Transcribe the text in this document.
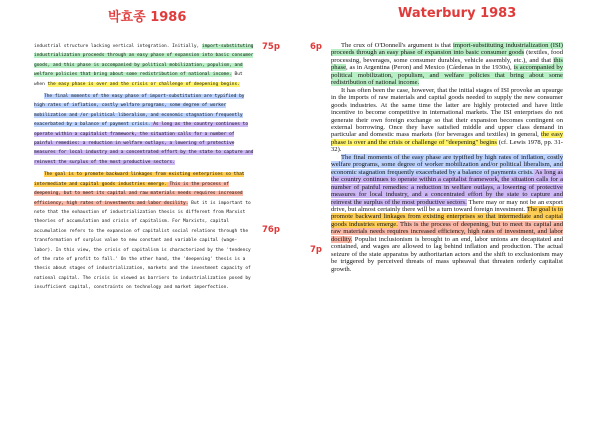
박효종 1986	Waterbury 1983
75p
76p
6p
7p

industrial structure lacking vertical integration. Initially, import-substituting industrialization proceeds through an easy phase of expansion into basic consumer goods, and this phase is accompanied by political mobilization, populism, and welfare policies that bring about some redistribution of national income. But when the easy phase is over and the crisis or challenge of deepening begins.

The final moments of the easy phase of import-substitution are typified by high rates of inflation, costly welfare programs, some degree of worker mobilization and /or political liberalism, and economic stagnation frequently exacerbated by a balance of payment crisis. As long as the country continues to operate within a capitalist framework, the situation calls for a number of painful remedies: a reduction in welfare outlays, a lowering of protective measures for local industry and a concentrated effort by the state to capture and reinvest the surplus of the most productive sectors.

The goal is to promote backward linkages from existing enterprises so that intermediate and capital goods industries emerge. This is the process of deepening, but to meet its capital and raw materials needs requires increased efficiency, high rates of investments and labor docility. But it is important to note that the exhaustion of industrialization thesis is different from Marxist theories of accumulation and crisis of capitalism. For Marxists, capital accumulation refers to the expansion of capitalist social relations through the transformation of surplus value to new constant and variable capital (wage-labor). In this view, the crisis of capitalism is characterized by the 'tendency of the rate of profit to fall.' On the other hand, the 'deepening' thesis is a thesis about stages of industrialization, markets and the investment capacity of national capital. The crisis is viewed as barriers to industrialization posed by insufficient capital, constraints on technology and market imperfection.

The crux of O'Donnell's argument is that import-substituting industrialization (ISI) proceeds through an easy phase of expansion into basic consumer goods (textiles, food processing, beverages, some consumer durables, vehicle assembly, etc.), and that this phase, as in Argentina (Peron) and Mexico (Cárdenas in the 1930s), is accompanied by political mobilization, populism, and welfare policies that bring about some redistribution of national income.

It has often been the case, however, that the initial stages of ISI provoke an upsurge in the imports of raw materials and capital goods needed to supply the new consumer goods industries. At the same time the latter are highly protected and have little incentive to become competitive in international markets. The ISI enterprises do not generate their own foreign exchange so that their expansion becomes contingent on external borrowing. Once they have satisfied middle and upper class demand in particular and domestic mass markets (for beverages and textiles) in general, the easy phase is over and the crisis or challenge of ''deepening'' begins (cf. Lewis 1978, pp. 31-32).

The final moments of the easy phase are typified by high rates of inflation, costly welfare programs, some degree of worker mobilization and/or political liberalism, and economic stagnation frequently exacerbated by a balance of payments crisis. As long as the country continues to operate within a capitalist framework, the situation calls for a number of painful remedies: a reduction in welfare outlays, a lowering of protective measures for local industry, and a concentrated effort by the state to capture and reinvest the surplus of the most productive sectors. There may or may not be an export drive, but almost certainly there will be a turn toward foreign investment. The goal is to promote backward linkages from existing enterprises so that intermediate and capital goods industries emerge. This is the process of deepening, but to meet its capital and raw materials needs requires increased efficiency, high rates of investment, and labor docility. Populist inclusionism is brought to an end, labor unions are decapitated and contained, and wages are allowed to lag behind inflation and production. The actual seizure of the state apparatus by authoritarian actors and the shift to exclusionism may be triggered by perceived threats of mass upheaval that threaten orderly capitalist growth.
